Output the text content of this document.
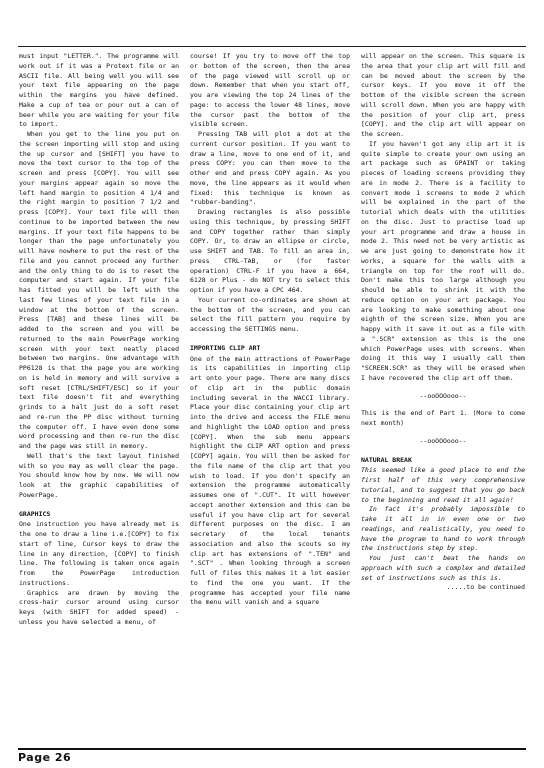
must input "LETTER.". The programme will work out if it was a Protext file or an ASCII file. All being well you will see your text file appearing on the page within the margins you have defined. Make a cup of tea or pour out a can of beer while you are waiting for your file to import.

When you get to the line you put on the screen importing will stop and using the up cursor and [SHIFT] you have to move the text cursor to the top of the screen and press [COPY]. You will see your margins appear again so move the left hand margin to position 4 1/4 and the right margin to position 7 1/2 and press [COPY]. Your text file will then continue to be imported between the new margins. If your text file happens to be longer than the page unfortunately you will have nowhere to put the rest of the file and you cannot proceed any further and the only thing to do is to reset the computer and start again. If your file has fitted you will be left with the last few lines of your text file in a window at the bottom of the screen. Press [TAB] and these lines will be added to the screen and you will be returned to the main PowerPage working screen with your text neatly placed between two margins. One advantage with PP6128 is that the page you are working on is held in memory and will survive a soft reset [CTRL/SHIFT/ESC] so if your text file doesn't fit and everything grinds to a halt just do a soft reset and re-run the PP disc without turning the computer off. I have even done some word processing and then re-run the disc and the page was still in memory.

Well that's the text layout finished with so you may as well clear the page. You should know how by now. We will now look at the graphic capabilities of PowerPage.

GRAPHICS

One instruction you have already met is the one to draw a line i.e.[COPY] to fix start of line, Cursor keys to draw the line in any direction, [COPY] to finish line. The following is taken once again from the PowerPage introduction instructions.

Graphics are drawn by moving the cross-hair cursor around using cursor keys (with SHIFT for added speed) - unless you have selected a menu, of

course! If you try to move off the top or bottom of the screen, then the area of the page viewed will scroll up or down. Remember that when you start off, you are viewing the top 24 lines of the page: to access the lower 48 lines, move the cursor past the bottom of the visible screen.

Pressing TAB will plot a dot at the current cursor position. If you want to draw a line, move to one end of it, and press COPY: you can then move to the other end and press COPY again. As you move, the line appears as it would when fixed: this technique is known as "rubber-banding".

Drawing rectangles is also possible using this technique, by pressing SHIFT and COPY together rather than simply COPY. Or, to draw an ellipse or circle, use SHIFT and TAB. To fill an area in, press CTRL-TAB, or (for faster operation) CTRL-F if you have a 664, 6128 or Plus - do NOT try to select this option if you have a CPC 464.

Your current co-ordinates are shown at the bottom of the screen, and you can select the fill pattern you require by accessing the SETTINGS menu.

IMPORTING CLIP ART

One of the main attractions of PowerPage is its capabilities in importing clip art onto your page. There are many discs of clip art in the public domain including several in the WACCI library. Place your disc containing your clip art into the drive and access the FILE menu and highlight the LOAD option and press [COPY]. When the sub menu appears highlight the CLIP ART option and press [COPY] again. You will then be asked for the file name of the clip art that you wish to load. If you don't specify an extension the programme automatically assumes one of ".CUT". It will however accept another extension and this can be useful if you have clip art for several different purposes on the disc. I am secretary of the local tenants association and also the scouts so my clip art has extensions of ".TEN" and ".SCT" . When looking through a screen full of files this makes it a lot easier to find the one you want. If the programme has accepted your file name the menu will vanish and a square

will appear on the screen. This square is the area that your clip art will fill and can be moved about the screen by the cursor keys. If you move it off the bottom of the visible screen the screen will scroll down. When you are happy with the position of your clip art, press [COPY]. and the clip art will appear on the screen.

If you haven't got any clip art it is quite simple to create your own using an art package such as GPAINT or taking pieces of loading screens providing they are in mode 2. There is a facility to convert mode 1 screens to mode 2 which will be explained in the part of the tutorial which deals with the utilities on the disc. Just to practise load up your art programme and draw a house in mode 2. This need not be very artistic as we are just going to demonstrate how it works, a square for the walls with a triangle on top for the roof will do. Don't make this too large although you should be able to shrink it with the reduce option on your art package. You are looking to make something about one eighth of the screen size. When you are happy with it save it out as a file with a ".SCR" extension as this is the one which PowerPage uses with screens. When doing it this way I usually call them "SCREEN.SCR" as they will be erased when I have recovered the clip art off them.

--ooOOOooo--

This is the end of Part 1. (More to come next month)

--ooOOOooo--

NATURAL BREAK

This seemed like a good place to end the first half of this very comprehensive tutorial, and to suggest that you go back to the beginning and read it all again!

In fact it's probably impossible to take it all in in even one or two readings, and realistically, you need to have the program to hand to work through the instructions step by step.

You just can't beat the hands on approach with such a complex and detailed set of instructions such as this is.

.....to be continued

Page 26
